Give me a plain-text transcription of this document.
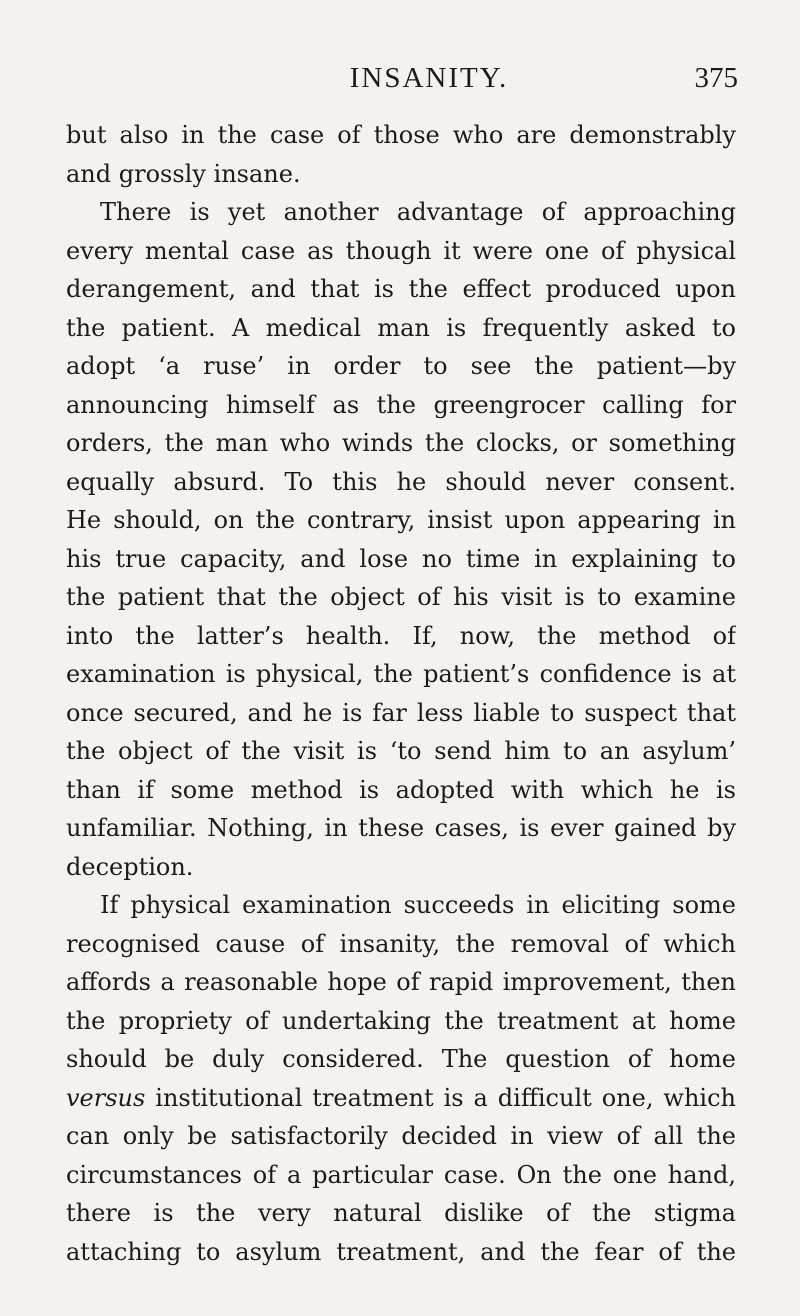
INSANITY.	375
but also in the case of those who are demonstrably
and grossly insane.
There is yet another advantage of approaching
every mental case as though it were one of physical
derangement, and that is the effect produced upon
the patient. A medical man is frequently asked to
adopt ‘a ruse’ in order to see the patient—by
announcing himself as the greengrocer calling for
orders, the man who winds the clocks, or something
equally absurd. To this he should never consent.
He should, on the contrary, insist upon appearing in
his true capacity, and lose no time in explaining to
the patient that the object of his visit is to examine
into the latter’s health. If, now, the method of
examination is physical, the patient’s confidence is at
once secured, and he is far less liable to suspect that
the object of the visit is ‘to send him to an asylum’
than if some method is adopted with which he is
unfamiliar. Nothing, in these cases, is ever gained by
deception.
If physical examination succeeds in eliciting some
recognised cause of insanity, the removal of which
affords a reasonable hope of rapid improvement, then
the propriety of undertaking the treatment at home
should be duly considered. The question of home
versus institutional treatment is a difficult one, which
can only be satisfactorily decided in view of all the
circumstances of a particular case. On the one hand,
there is the very natural dislike of the stigma
attaching to asylum treatment, and the fear of the
